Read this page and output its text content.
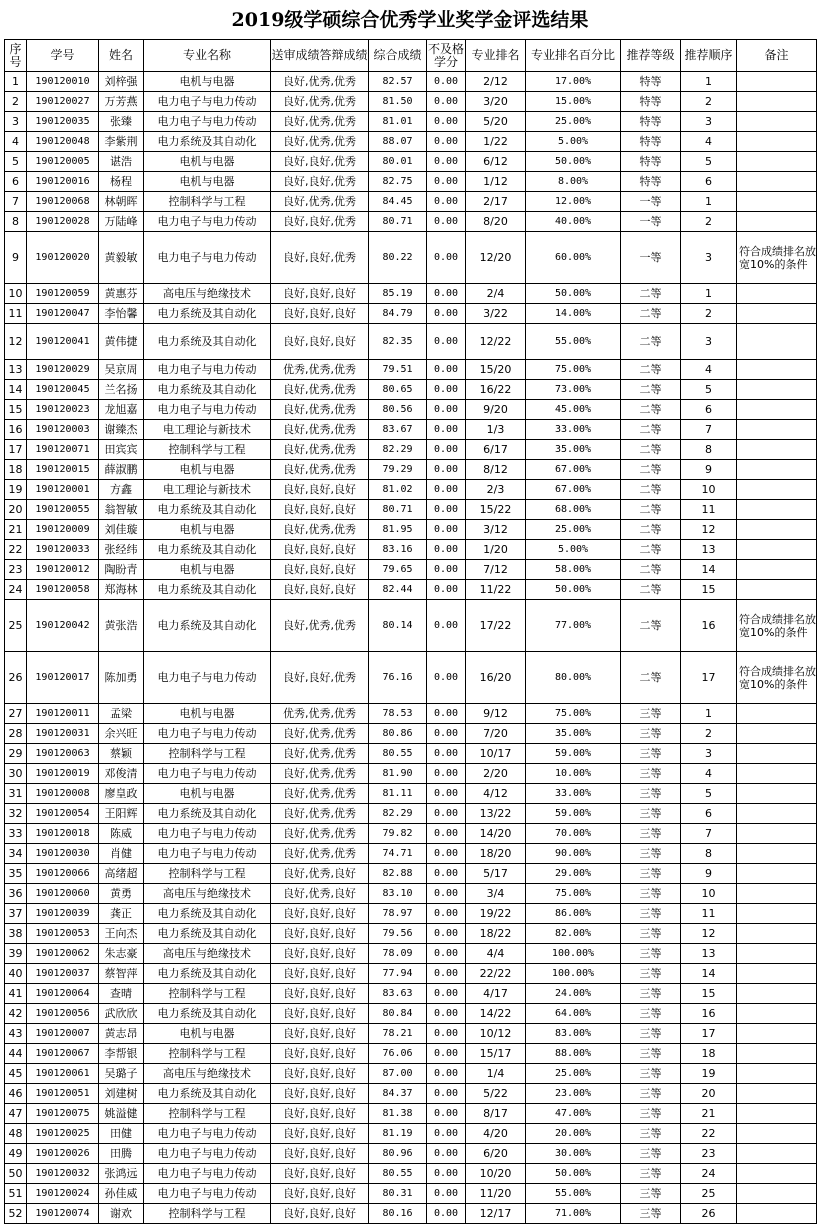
2019级学硕综合优秀学业奖学金评选结果
序号	学号	姓名	专业名称	送审成绩答辩成绩	综合成绩	不及格学分	专业排名	专业排名百分比	推荐等级	推荐顺序	备注
1	190120010	刘梓强	电机与电器	良好,优秀,优秀	82.57	0.00	2/12	17.00%	特等	1	
2	190120027	万芳燕	电力电子与电力传动	良好,优秀,优秀	81.50	0.00	3/20	15.00%	特等	2	
3	190120035	张臻	电力电子与电力传动	良好,优秀,优秀	81.01	0.00	5/20	25.00%	特等	3	
4	190120048	李紫荆	电力系统及其自动化	良好,优秀,优秀	88.07	0.00	1/22	5.00%	特等	4	
5	190120005	谌浩	电机与电器	良好,良好,优秀	80.01	0.00	6/12	50.00%	特等	5	
6	190120016	杨程	电机与电器	良好,良好,优秀	82.75	0.00	1/12	8.00%	特等	6	
7	190120068	林朝晖	控制科学与工程	良好,优秀,优秀	84.45	0.00	2/17	12.00%	一等	1	
8	190120028	万陆峰	电力电子与电力传动	良好,良好,优秀	80.71	0.00	8/20	40.00%	一等	2	
9	190120020	黄毅敏	电力电子与电力传动	良好,良好,优秀	80.22	0.00	12/20	60.00%	一等	3	符合成绩排名放宽10%的条件
10	190120059	黄惠芬	高电压与绝缘技术	良好,良好,良好	85.19	0.00	2/4	50.00%	二等	1	
11	190120047	李怡馨	电力系统及其自动化	良好,良好,良好	84.79	0.00	3/22	14.00%	二等	2	
12	190120041	黄伟捷	电力系统及其自动化	良好,良好,良好	82.35	0.00	12/22	55.00%	二等	3	
13	190120029	吴京周	电力电子与电力传动	优秀,优秀,优秀	79.51	0.00	15/20	75.00%	二等	4	
14	190120045	兰名扬	电力系统及其自动化	良好,优秀,优秀	80.65	0.00	16/22	73.00%	二等	5	
15	190120023	龙旭嘉	电力电子与电力传动	良好,优秀,优秀	80.56	0.00	9/20	45.00%	二等	6	
16	190120003	谢臻杰	电工理论与新技术	良好,优秀,优秀	83.67	0.00	1/3	33.00%	二等	7	
17	190120071	田宾宾	控制科学与工程	良好,优秀,优秀	82.29	0.00	6/17	35.00%	二等	8	
18	190120015	薛淑鹏	电机与电器	良好,优秀,优秀	79.29	0.00	8/12	67.00%	二等	9	
19	190120001	方鑫	电工理论与新技术	良好,良好,良好	81.02	0.00	2/3	67.00%	二等	10	
20	190120055	翁智敏	电力系统及其自动化	良好,良好,良好	80.71	0.00	15/22	68.00%	二等	11	
21	190120009	刘佳璇	电机与电器	良好,优秀,优秀	81.95	0.00	3/12	25.00%	二等	12	
22	190120033	张经纬	电力系统及其自动化	良好,良好,良好	83.16	0.00	1/20	5.00%	二等	13	
23	190120012	陶盼青	电机与电器	良好,良好,良好	79.65	0.00	7/12	58.00%	二等	14	
24	190120058	郑海林	电力系统及其自动化	良好,良好,良好	82.44	0.00	11/22	50.00%	二等	15	
25	190120042	黄张浩	电力系统及其自动化	良好,优秀,优秀	80.14	0.00	17/22	77.00%	二等	16	符合成绩排名放宽10%的条件
26	190120017	陈加勇	电力电子与电力传动	良好,良好,优秀	76.16	0.00	16/20	80.00%	二等	17	符合成绩排名放宽10%的条件
27	190120011	孟梁	电机与电器	优秀,优秀,优秀	78.53	0.00	9/12	75.00%	三等	1	
28	190120031	余兴旺	电力电子与电力传动	良好,优秀,优秀	80.86	0.00	7/20	35.00%	三等	2	
29	190120063	蔡颖	控制科学与工程	良好,优秀,优秀	80.55	0.00	10/17	59.00%	三等	3	
30	190120019	邓俊清	电力电子与电力传动	良好,优秀,优秀	81.90	0.00	2/20	10.00%	三等	4	
31	190120008	廖皇政	电机与电器	良好,优秀,优秀	81.11	0.00	4/12	33.00%	三等	5	
32	190120054	王阳辉	电力系统及其自动化	良好,优秀,优秀	82.29	0.00	13/22	59.00%	三等	6	
33	190120018	陈威	电力电子与电力传动	良好,优秀,优秀	79.82	0.00	14/20	70.00%	三等	7	
34	190120030	肖健	电力电子与电力传动	良好,优秀,优秀	74.71	0.00	18/20	90.00%	三等	8	
35	190120066	高绪超	控制科学与工程	良好,优秀,良好	82.88	0.00	5/17	29.00%	三等	9	
36	190120060	黄勇	高电压与绝缘技术	良好,优秀,良好	83.10	0.00	3/4	75.00%	三等	10	
37	190120039	龚正	电力系统及其自动化	良好,良好,良好	78.97	0.00	19/22	86.00%	三等	11	
38	190120053	王向杰	电力系统及其自动化	良好,良好,良好	79.56	0.00	18/22	82.00%	三等	12	
39	190120062	朱志豪	高电压与绝缘技术	良好,良好,良好	78.09	0.00	4/4	100.00%	三等	13	
40	190120037	蔡智萍	电力系统及其自动化	良好,良好,良好	77.94	0.00	22/22	100.00%	三等	14	
41	190120064	查晴	控制科学与工程	良好,良好,良好	83.63	0.00	4/17	24.00%	三等	15	
42	190120056	武欣欣	电力系统及其自动化	良好,良好,良好	80.84	0.00	14/22	64.00%	三等	16	
43	190120007	黄志昂	电机与电器	良好,良好,良好	78.21	0.00	10/12	83.00%	三等	17	
44	190120067	李帮银	控制科学与工程	良好,良好,良好	76.06	0.00	15/17	88.00%	三等	18	
45	190120061	吴璐子	高电压与绝缘技术	良好,良好,良好	87.00	0.00	1/4	25.00%	三等	19	
46	190120051	刘建树	电力系统及其自动化	良好,良好,良好	84.37	0.00	5/22	23.00%	三等	20	
47	190120075	姚溢健	控制科学与工程	良好,良好,良好	81.38	0.00	8/17	47.00%	三等	21	
48	190120025	田健	电力电子与电力传动	良好,良好,良好	81.19	0.00	4/20	20.00%	三等	22	
49	190120026	田腾	电力电子与电力传动	良好,良好,良好	80.96	0.00	6/20	30.00%	三等	23	
50	190120032	张鸿远	电力电子与电力传动	良好,良好,良好	80.55	0.00	10/20	50.00%	三等	24	
51	190120024	孙佳威	电力电子与电力传动	良好,良好,良好	80.31	0.00	11/20	55.00%	三等	25	
52	190120074	谢欢	控制科学与工程	良好,良好,良好	80.16	0.00	12/17	71.00%	三等	26	
